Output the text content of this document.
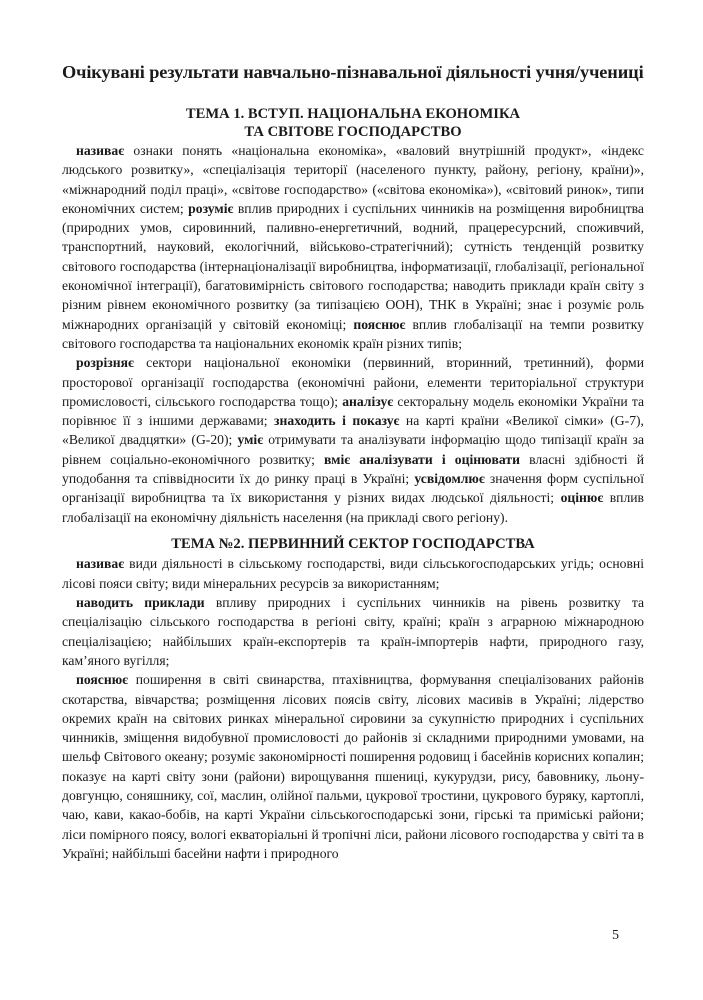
Очікувані результати навчально-пізнавальної діяльності учня/учениці
ТЕМА 1. ВСТУП. НАЦІОНАЛЬНА ЕКОНОМІКА
ТА СВІТОВЕ ГОСПОДАРСТВО

називає ознаки понять «національна економіка», «валовий внутрішній продукт», «індекс людського розвитку», «спеціалізація території (населеного пункту, району, регіону, країни)», «міжнародний поділ праці», «світове господарство» («світова економіка»), «світовий ринок», типи економічних систем; розуміє вплив природних і суспільних чинників на розміщення виробництва (природних умов, сировинний, паливно-енергетичний, водний, працересурсний, споживчий, транспортний, науковий, екологічний, військово-стратегічний); сутність тенденцій розвитку світового господарства (інтернаціоналізації виробництва, інформатизації, глобалізації, регіональної економічної інтеграції), багатовимірність світового господарства; наводить приклади країн світу з різним рівнем економічного розвитку (за типізацією ООН), ТНК в Україні; знає і розуміє роль міжнародних організацій у світовій економіці; пояснює вплив глобалізації на темпи розвитку світового господарства та національних економік країн різних типів;

розрізняє сектори національної економіки (первинний, вторинний, третинний), форми просторової організації господарства (економічні райони, елементи територіальної структури промисловості, сільського господарства тощо); аналізує секторальну модель економіки України та порівнює її з іншими державами; знаходить і показує на карті країни «Великої сімки» (G-7), «Великої двадцятки» (G-20); уміє отримувати та аналізувати інформацію щодо типізації країн за рівнем соціально-економічного розвитку; вміє аналізувати і оцінювати власні здібності й уподобання та співвідносити їх до ринку праці в Україні; усвідомлює значення форм суспільної організації виробництва та їх використання у різних видах людської діяльності; оцінює вплив глобалізації на економічну діяльність населення (на прикладі свого регіону).

ТЕМА №2. ПЕРВИННИЙ СЕКТОР ГОСПОДАРСТВА

називає види діяльності в сільському господарстві, види сільськогосподарських угідь; основні лісові пояси світу; види мінеральних ресурсів за використанням;

наводить приклади впливу природних і суспільних чинників на рівень розвитку та спеціалізацію сільського господарства в регіоні світу, країні; країн з аграрною міжнародною спеціалізацією; найбільших країн-експортерів та країн-імпортерів нафти, природного газу, кам’яного вугілля;

пояснює поширення в світі свинарства, птахівництва, формування спеціалізованих районів скотарства, вівчарства; розміщення лісових поясів світу, лісових масивів в Україні; лідерство окремих країн на світових ринках мінеральної сировини за сукупністю природних і суспільних чинників, зміщення видобувної промисловості до районів зі складними природними умовами, на шельф Світового океану; розуміє закономірності поширення родовищ і басейнів корисних копалин; показує на карті світу зони (райони) вирощування пшениці, кукурудзи, рису, бавовнику, льону-довгунцю, соняшнику, сої, маслин, олійної пальми, цукрової тростини, цукрового буряку, картоплі, чаю, кави, какао-бобів, на карті України сільськогосподарські зони, гірські та приміські райони; ліси помірного поясу, вологі екваторіальні й тропічні ліси, райони лісового господарства у світі та в Україні; найбільші басейни нафти і природного

5
